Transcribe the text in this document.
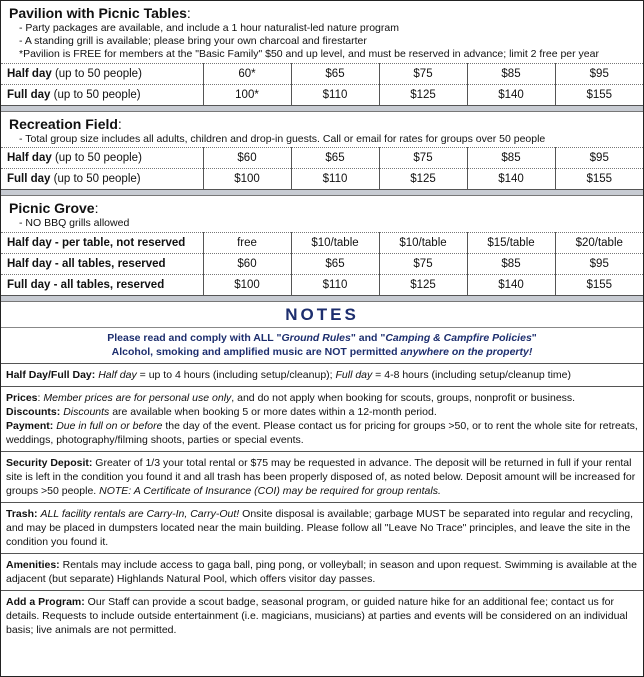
Pavilion with Picnic Tables:
- Party packages are available, and include a 1 hour naturalist-led nature program
- A standing grill is available; please bring your own charcoal and firestarter
*Pavilion is FREE for members at the "Basic Family" $50 and up level, and must be reserved in advance; limit 2 free per year
Half day (up to 50 people)	60*	$65	$75	$85	$95
Full day (up to 50 people)	100*	$110	$125	$140	$155
Recreation Field:
- Total group size includes all adults, children and drop-in guests. Call or email for rates for groups over 50 people
Half day (up to 50 people)	$60	$65	$75	$85	$95
Full day (up to 50 people)	$100	$110	$125	$140	$155
Picnic Grove:
- NO BBQ grills allowed
Half day - per table, not reserved	free	$10/table	$10/table	$15/table	$20/table
Half day - all tables, reserved	$60	$65	$75	$85	$95
Full day - all tables, reserved	$100	$110	$125	$140	$155
NOTES
Please read and comply with ALL "Ground Rules" and "Camping & Campfire Policies"
Alcohol, smoking and amplified music are NOT permitted anywhere on the property!
Half Day/Full Day: Half day = up to 4 hours (including setup/cleanup); Full day = 4-8 hours (including setup/cleanup time)
Prices: Member prices are for personal use only, and do not apply when booking for scouts, groups, nonprofit or business.
Discounts: Discounts are available when booking 5 or more dates within a 12-month period.
Payment: Due in full on or before the day of the event. Please contact us for pricing for groups >50, or to rent the whole site for retreats, weddings, photography/filming shoots, parties or special events.
Security Deposit: Greater of 1/3 your total rental or $75 may be requested in advance. The deposit will be returned in full if your rental site is left in the condition you found it and all trash has been properly disposed of, as noted below. Deposit amount will be increased for groups >50 people. NOTE: A Certificate of Insurance (COI) may be required for group rentals.
Trash: ALL facility rentals are Carry-In, Carry-Out! Onsite disposal is available; garbage MUST be separated into regular and recycling, and may be placed in dumpsters located near the main building. Please follow all "Leave No Trace" principles, and leave the site in the condition you found it.
Amenities: Rentals may include access to gaga ball, ping pong, or volleyball; in season and upon request. Swimming is available at the adjacent (but separate) Highlands Natural Pool, which offers visitor day passes.
Add a Program: Our Staff can provide a scout badge, seasonal program, or guided nature hike for an additional fee; contact us for details. Requests to include outside entertainment (i.e. magicians, musicians) at parties and events will be considered on an individual basis; live animals are not permitted.
